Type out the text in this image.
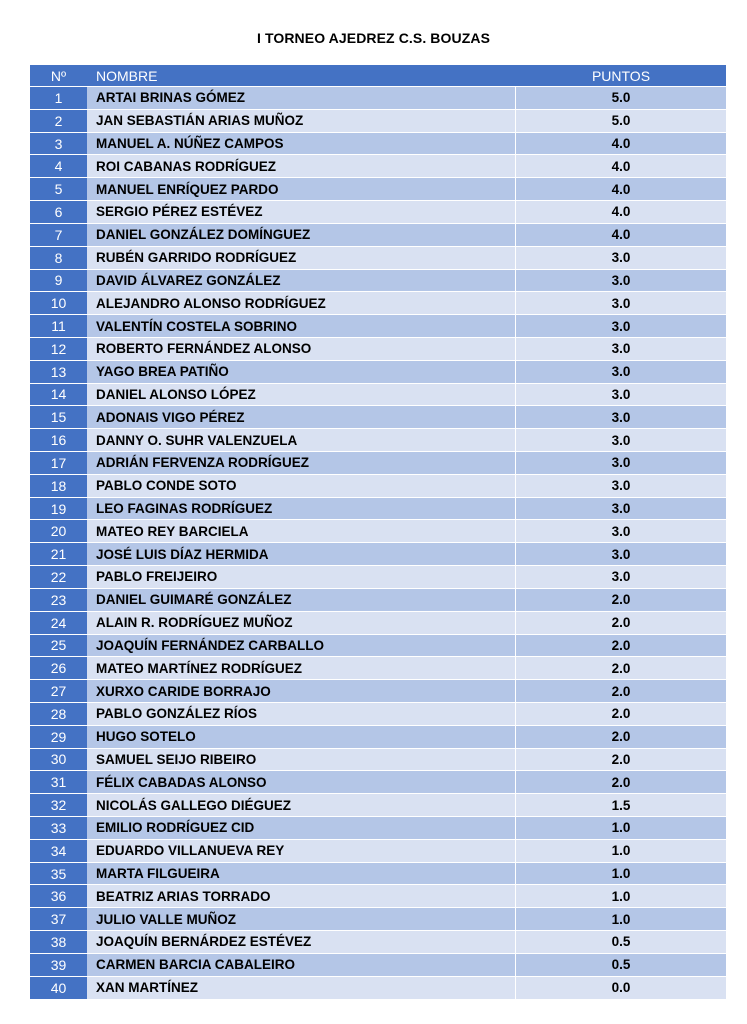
I TORNEO AJEDREZ C.S. BOUZAS
Nº	NOMBRE	PUNTOS
1	ARTAI BRINAS GÓMEZ	5.0
2	JAN SEBASTIÁN ARIAS MUÑOZ	5.0
3	MANUEL A. NÚÑEZ CAMPOS	4.0
4	ROI CABANAS RODRÍGUEZ	4.0
5	MANUEL ENRÍQUEZ PARDO	4.0
6	SERGIO PÉREZ ESTÉVEZ	4.0
7	DANIEL GONZÁLEZ DOMÍNGUEZ	4.0
8	RUBÉN GARRIDO RODRÍGUEZ	3.0
9	DAVID ÁLVAREZ GONZÁLEZ	3.0
10	ALEJANDRO ALONSO RODRÍGUEZ	3.0
11	VALENTÍN COSTELA SOBRINO	3.0
12	ROBERTO FERNÁNDEZ ALONSO	3.0
13	YAGO BREA PATIÑO	3.0
14	DANIEL ALONSO LÓPEZ	3.0
15	ADONAIS VIGO PÉREZ	3.0
16	DANNY O. SUHR VALENZUELA	3.0
17	ADRIÁN FERVENZA RODRÍGUEZ	3.0
18	PABLO CONDE SOTO	3.0
19	LEO FAGINAS RODRÍGUEZ	3.0
20	MATEO REY BARCIELA	3.0
21	JOSÉ LUIS DÍAZ HERMIDA	3.0
22	PABLO FREIJEIRO	3.0
23	DANIEL GUIMARÉ GONZÁLEZ	2.0
24	ALAIN R. RODRÍGUEZ MUÑOZ	2.0
25	JOAQUÍN FERNÁNDEZ CARBALLO	2.0
26	MATEO MARTÍNEZ RODRÍGUEZ	2.0
27	XURXO CARIDE BORRAJO	2.0
28	PABLO GONZÁLEZ RÍOS	2.0
29	HUGO SOTELO	2.0
30	SAMUEL SEIJO RIBEIRO	2.0
31	FÉLIX CABADAS ALONSO	2.0
32	NICOLÁS GALLEGO DIÉGUEZ	1.5
33	EMILIO RODRÍGUEZ CID	1.0
34	EDUARDO VILLANUEVA REY	1.0
35	MARTA FILGUEIRA	1.0
36	BEATRIZ ARIAS TORRADO	1.0
37	JULIO VALLE MUÑOZ	1.0
38	JOAQUÍN BERNÁRDEZ ESTÉVEZ	0.5
39	CARMEN BARCIA CABALEIRO	0.5
40	XAN MARTÍNEZ	0.0
